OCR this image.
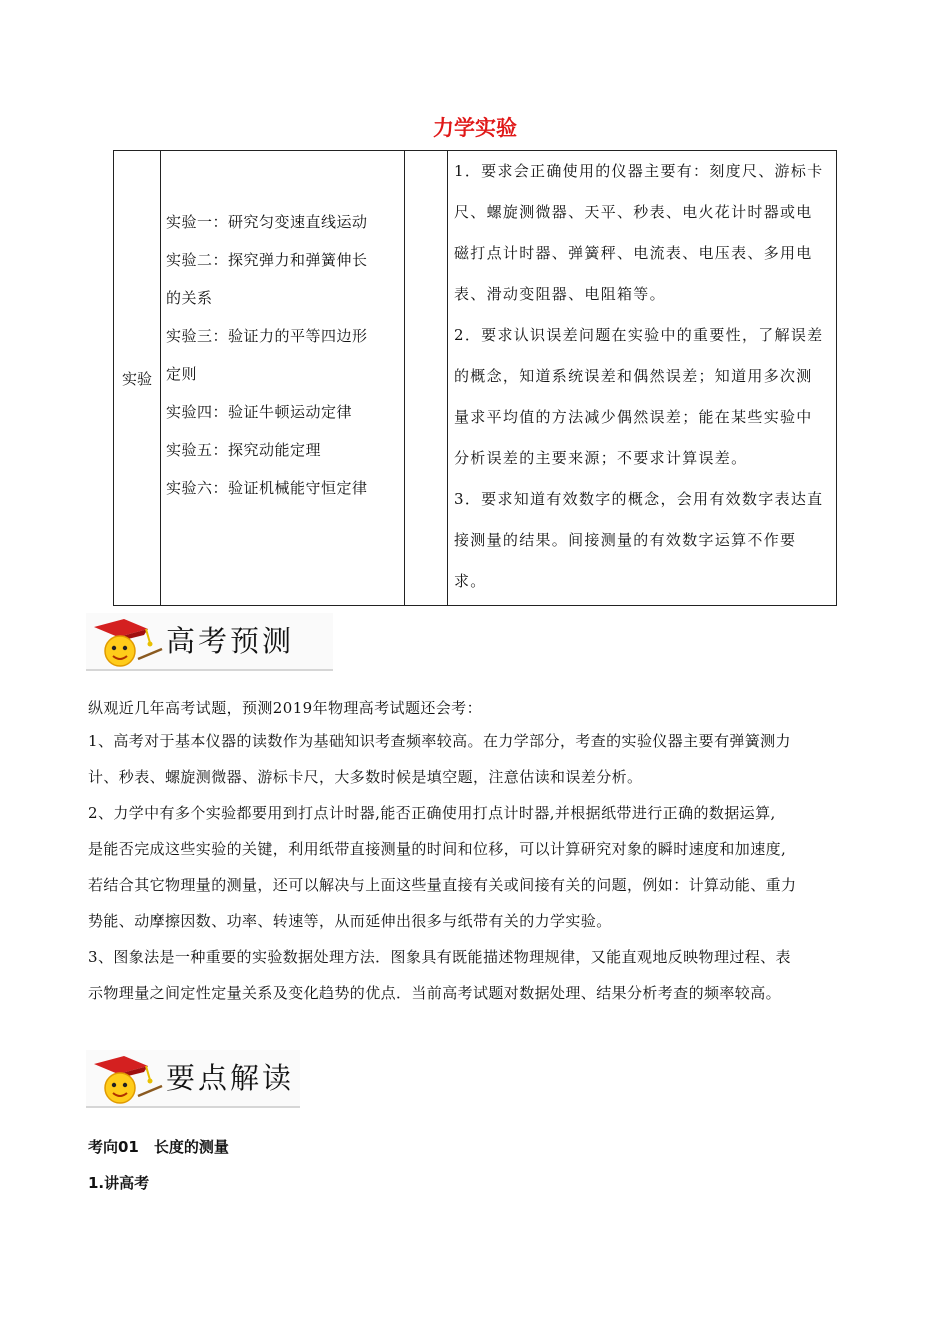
力学实验
实验
实验一：研究匀变速直线运动
实验二：探究弹力和弹簧伸长
的关系
实验三：验证力的平等四边形
定则
实验四：验证牛顿运动定律
实验五：探究动能定理
实验六：验证机械能守恒定律
1．要求会正确使用的仪器主要有：刻度尺、游标卡
尺、螺旋测微器、天平、秒表、电火花计时器或电
磁打点计时器、弹簧秤、电流表、电压表、多用电
表、滑动变阻器、电阻箱等。
2．要求认识误差问题在实验中的重要性，了解误差
的概念，知道系统误差和偶然误差；知道用多次测
量求平均值的方法减少偶然误差；能在某些实验中
分析误差的主要来源；不要求计算误差。
3．要求知道有效数字的概念，会用有效数字表达直
接测量的结果。间接测量的有效数字运算不作要
求。
高考预测
纵观近几年高考试题，预测2019年物理高考试题还会考：
1、高考对于基本仪器的读数作为基础知识考查频率较高。在力学部分，考查的实验仪器主要有弹簧测力
计、秒表、螺旋测微器、游标卡尺，大多数时候是填空题，注意估读和误差分析。
2、力学中有多个实验都要用到打点计时器,能否正确使用打点计时器,并根据纸带进行正确的数据运算,
是能否完成这些实验的关键，利用纸带直接测量的时间和位移，可以计算研究对象的瞬时速度和加速度,
若结合其它物理量的测量，还可以解决与上面这些量直接有关或间接有关的问题，例如：计算动能、重力
势能、动摩擦因数、功率、转速等，从而延伸出很多与纸带有关的力学实验。
3、图象法是一种重要的实验数据处理方法．图象具有既能描述物理规律，又能直观地反映物理过程、表
示物理量之间定性定量关系及变化趋势的优点．当前高考试题对数据处理、结果分析考查的频率较高。
要点解读
考向01　长度的测量
1.讲高考
